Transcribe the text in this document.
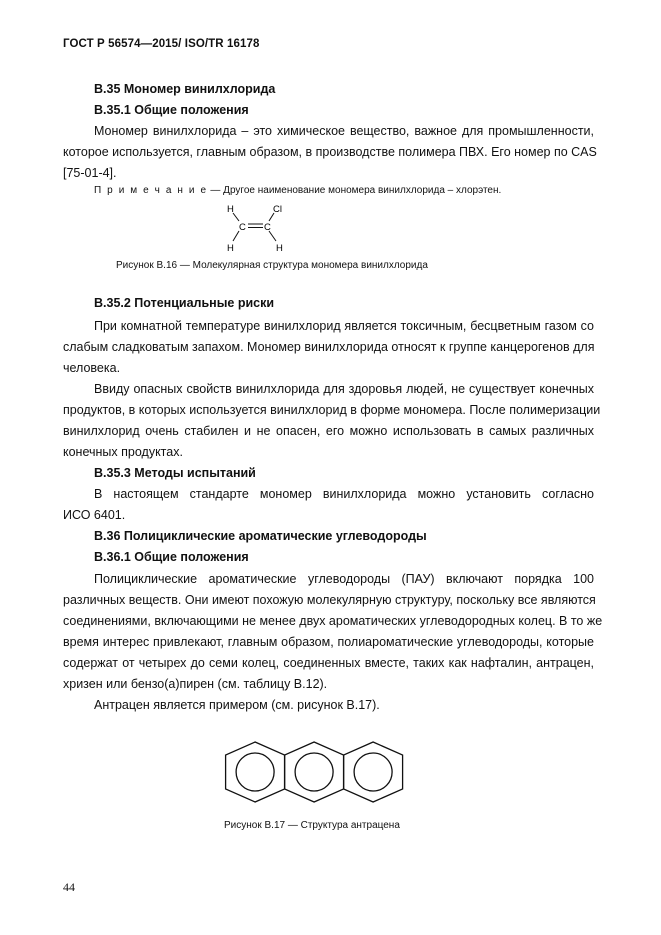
ГОСТ Р 56574—2015/ ISO/TR 16178
В.35 Мономер винилхлорида
В.35.1 Общие положения
Мономер винилхлорида – это химическое вещество, важное для промышленности,
которое используется, главным образом, в производстве полимера ПВХ. Его номер по CAS
[75-01-4].
П р и м е ч а н и е — Другое наименование мономера винилхлорида – хлорэтен.
H	Cl
C C
H	H
Рисунок В.16 — Молекулярная структура мономера винилхлорида
В.35.2 Потенциальные риски
При комнатной температуре винилхлорид является токсичным, бесцветным газом со
слабым сладковатым запахом. Мономер винилхлорида относят к группе канцерогенов для
человека.
Ввиду опасных свойств винилхлорида для здоровья людей, не существует конечных
продуктов, в которых используется винилхлорид в форме мономера. После полимеризации
винилхлорид очень стабилен и не опасен, его можно использовать в самых различных
конечных продуктах.
В.35.3 Методы испытаний
В настоящем стандарте мономер винилхлорида можно установить согласно
ИСО 6401.
В.36 Полициклические ароматические углеводороды
В.36.1 Общие положения
Полициклические ароматические углеводороды (ПАУ) включают порядка 100
различных веществ. Они имеют похожую молекулярную структуру, поскольку все являются
соединениями, включающими не менее двух ароматических углеводородных колец. В то же
время интерес привлекают, главным образом, полиароматические углеводороды, которые
содержат от четырех до семи колец, соединенных вместе, таких как нафталин, антрацен,
хризен или бензо(а)пирен (см. таблицу В.12).
Антрацен является примером (см. рисунок В.17).
Рисунок В.17 — Структура антрацена
44
